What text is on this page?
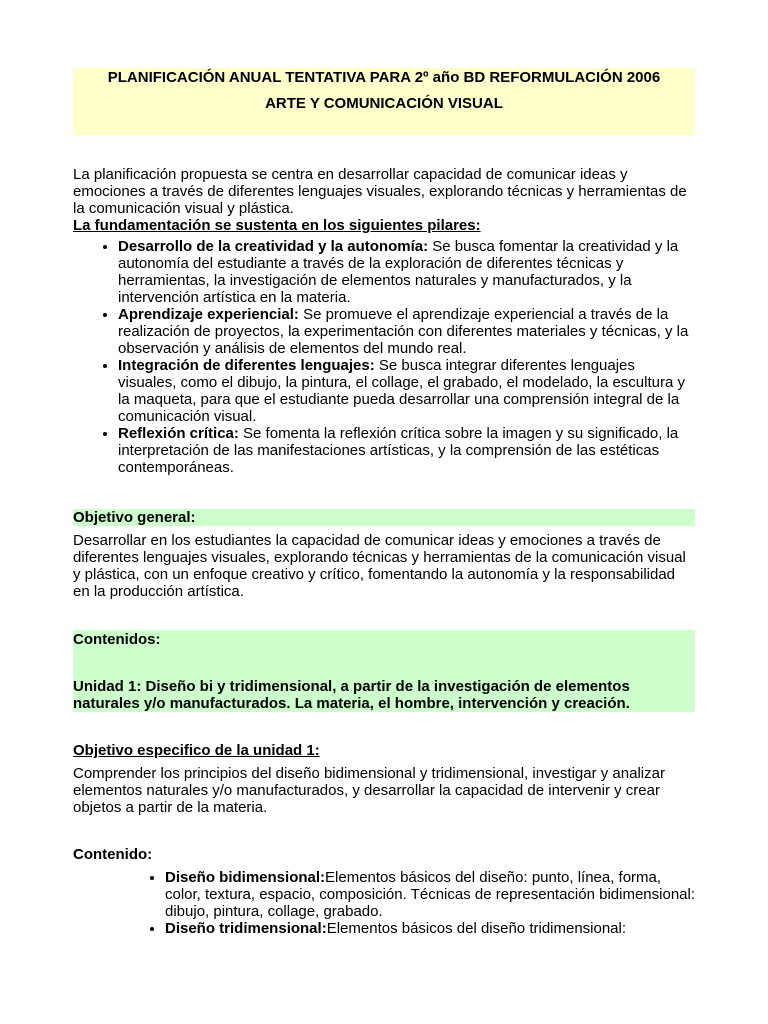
PLANIFICACIÓN ANUAL TENTATIVA PARA 2º año BD REFORMULACIÓN 2006
ARTE Y COMUNICACIÓN VISUAL

La planificación propuesta se centra en desarrollar capacidad de comunicar ideas y emociones a través de diferentes lenguajes visuales, explorando técnicas y herramientas de la comunicación visual y plástica.

La fundamentación se sustenta en los siguientes pilares:

• Desarrollo de la creatividad y la autonomía: Se busca fomentar la creatividad y la autonomía del estudiante a través de la exploración de diferentes técnicas y herramientas, la investigación de elementos naturales y manufacturados, y la intervención artística en la materia.
• Aprendizaje experiencial: Se promueve el aprendizaje experiencial a través de la realización de proyectos, la experimentación con diferentes materiales y técnicas, y la observación y análisis de elementos del mundo real.
• Integración de diferentes lenguajes: Se busca integrar diferentes lenguajes visuales, como el dibujo, la pintura, el collage, el grabado, el modelado, la escultura y la maqueta, para que el estudiante pueda desarrollar una comprensión integral de la comunicación visual.
• Reflexión crítica: Se fomenta la reflexión crítica sobre la imagen y su significado, la interpretación de las manifestaciones artísticas, y la comprensión de las estéticas contemporáneas.
Objetivo general:

Desarrollar en los estudiantes la capacidad de comunicar ideas y emociones a través de diferentes lenguajes visuales, explorando técnicas y herramientas de la comunicación visual y plástica, con un enfoque creativo y crítico, fomentando la autonomía y la responsabilidad en la producción artística.

Contenidos:
Unidad 1: Diseño bi y tridimensional, a partir de la investigación de elementos naturales y/o manufacturados. La materia, el hombre, intervención y creación.

Objetivo especifico de la unidad 1:

Comprender los principios del diseño bidimensional y tridimensional, investigar y analizar elementos naturales y/o manufacturados, y desarrollar la capacidad de intervenir y crear objetos a partir de la materia.

Contenido:

• Diseño bidimensional:Elementos básicos del diseño: punto, línea, forma, color, textura, espacio, composición. Técnicas de representación bidimensional: dibujo, pintura, collage, grabado.
• Diseño tridimensional:Elementos básicos del diseño tridimensional:
